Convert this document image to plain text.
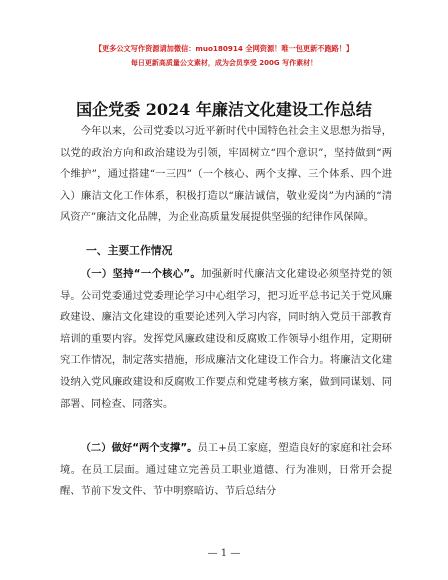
【更多公文写作资源请加微信：muo180914 全网资源！唯一包更新不跑路！】
每日更新高质量公文素材，成为会员享受 200G 写作素材！
国企党委 2024 年廉洁文化建设工作总结
今年以来，公司党委以习近平新时代中国特色社会主义思想为指导，以党的政治方向和政治建设为引领，牢固树立“四个意识”，坚持做到“两个维护”，通过搭建“一三四”（一个核心、两个支撑、三个体系、四个进入）廉洁文化工作体系，积极打造以“廉洁诚信，敬业爱岗”为内涵的“清风资产”廉洁文化品牌，为企业高质量发展提供坚强的纪律作风保障。
一、主要工作情况
（一）坚持“一个核心”。加强新时代廉洁文化建设必须坚持党的领导。公司党委通过党委理论学习中心组学习，把习近平总书记关于党风廉政建设、廉洁文化建设的重要论述列入学习内容，同时纳入党员干部教育培训的重要内容。发挥党风廉政建设和反腐败工作领导小组作用，定期研究工作情况，制定落实措施，形成廉洁文化建设工作合力。将廉洁文化建设纳入党风廉政建设和反腐败工作要点和党建考核方案，做到同谋划、同部署、同检查、同落实。
（二）做好“两个支撑”。员工+员工家庭，塑造良好的家庭和社会环境。在员工层面。通过建立完善员工职业道德、行为准则，日常开会提醒、节前下发文件、节中明察暗访、节后总结分
— 1 —
